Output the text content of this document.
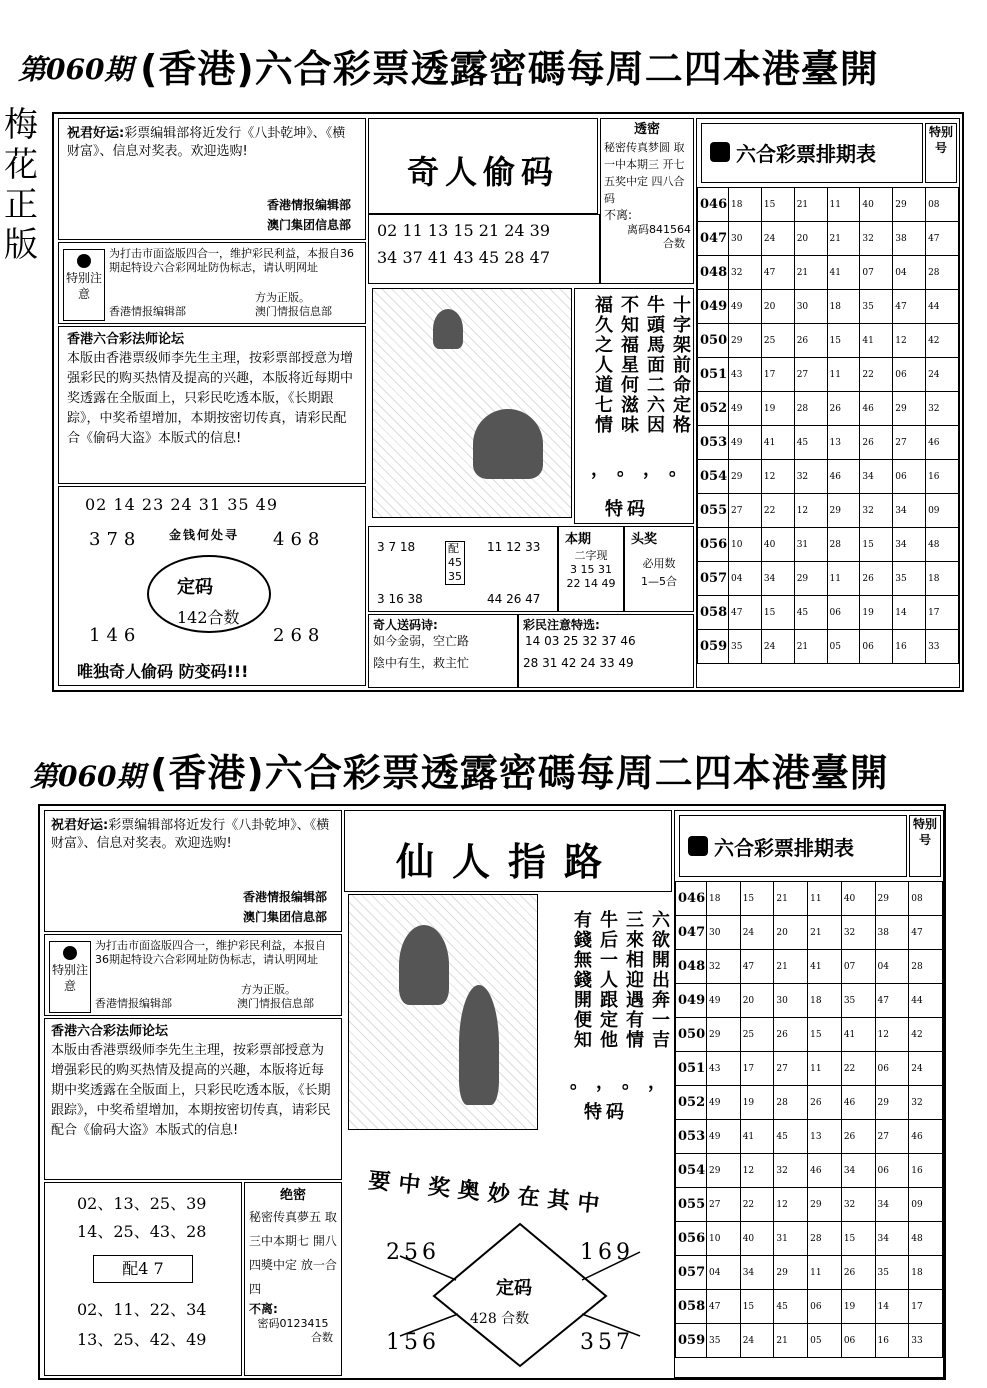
第060期 (香港)六合彩票透露密碼每周二四本港臺開
梅花正版
祝君好运:彩票编辑部将近发行《八卦乾坤》、《横财富》、信息对奖表。欢迎选购!
香港情报编辑部
澳门集团信息部
特别注意
为打击市面盗版四合一，维护彩民利益，本报自36期起特设六合彩网址防伪标志，请认明网址
方为正版。
香港情报编辑部	澳门情报信息部
香港六合彩法师论坛
本版由香港票级师李先生主理，按彩票部授意为增强彩民的购买热情及提高的兴趣，本版将近每期中奖透露在全版面上，只彩民吃透本版，《长期跟踪》，中奖希望增加，本期按密切传真，请彩民配合《偷码大盗》本版式的信息!
02 14 23 24 31 35 49
378	468
金钱何处寻
定码
142合数
146	268
唯独奇人偷码 防变码!!!
奇人偷码
透密
秘密传真梦圆 取一中本期三 开七五奖中定 四八合码
不离:
离码841564
合数
02 11 13 15 21 24 39
34 37 41 43 45 28 47
十字架前命定格
牛頭馬面二六因
不知福星何滋味
福久之人道七情
。
，
。
，
特码
3 7 18
3 16 38
配
45
35
11 12 33
44 26 47
本期
二字现
3 15 31
22 14 49
头奖
必用数
1—5合
奇人送码诗:
如今金弱，空亡路
陰中有生，救主忙
彩民注意特选:
14 03 25 32 37 46
28 31 42 24 33 49
六合彩票排期表
特别号
046	18	15	21	11	40	29	08
047	30	24	20	21	32	38	47
048	32	47	21	41	07	04	28
049	49	20	30	18	35	47	44
050	29	25	26	15	41	12	42
051	43	17	27	11	22	06	24
052	49	19	28	26	46	29	32
053	49	41	45	13	26	27	46
054	29	12	32	46	34	06	16
055	27	22	12	29	32	34	09
056	10	40	31	28	15	34	48
057	04	34	29	11	26	35	18
058	47	15	45	06	19	14	17
059	35	24	21	05	06	16	33
第060期 (香港)六合彩票透露密碼每周二四本港臺開
祝君好运:彩票编辑部将近发行《八卦乾坤》、《横财富》、信息对奖表。欢迎选购!
香港情报编辑部
澳门集团信息部
特别注意
为打击市面盗版四合一，维护彩民利益，本报自36期起特设六合彩网址防伪标志，请认明网址
方为正版。
香港情报编辑部	澳门情报信息部
香港六合彩法师论坛
本版由香港票级师李先生主理，按彩票部授意为增强彩民的购买热情及提高的兴趣，本版将近每期中奖透露在全版面上，只彩民吃透本版，《长期跟踪》，中奖希望增加，本期按密切传真，请彩民配合《偷码大盗》本版式的信息!
02、13、25、39
14、25、43、28
配4 7
02、11、22、34
13、25、42、49
绝密
秘密传真夢五 取三中本期七 開八四獎中定 放一合四
不离:
密码0123415
合数
仙人指路
六欲開出奔一吉
三來相迎遇有情
牛后一人跟定他
有錢無錢開便知
，
。
，
。
特码
要中奖奥妙在其中
256	169
定码
428 合数
156	357
六合彩票排期表
特别号
046	18	15	21	11	40	29	08
047	30	24	20	21	32	38	47
048	32	47	21	41	07	04	28
049	49	20	30	18	35	47	44
050	29	25	26	15	41	12	42
051	43	17	27	11	22	06	24
052	49	19	28	26	46	29	32
053	49	41	45	13	26	27	46
054	29	12	32	46	34	06	16
055	27	22	12	29	32	34	09
056	10	40	31	28	15	34	48
057	04	34	29	11	26	35	18
058	47	15	45	06	19	14	17
059	35	24	21	05	06	16	33
